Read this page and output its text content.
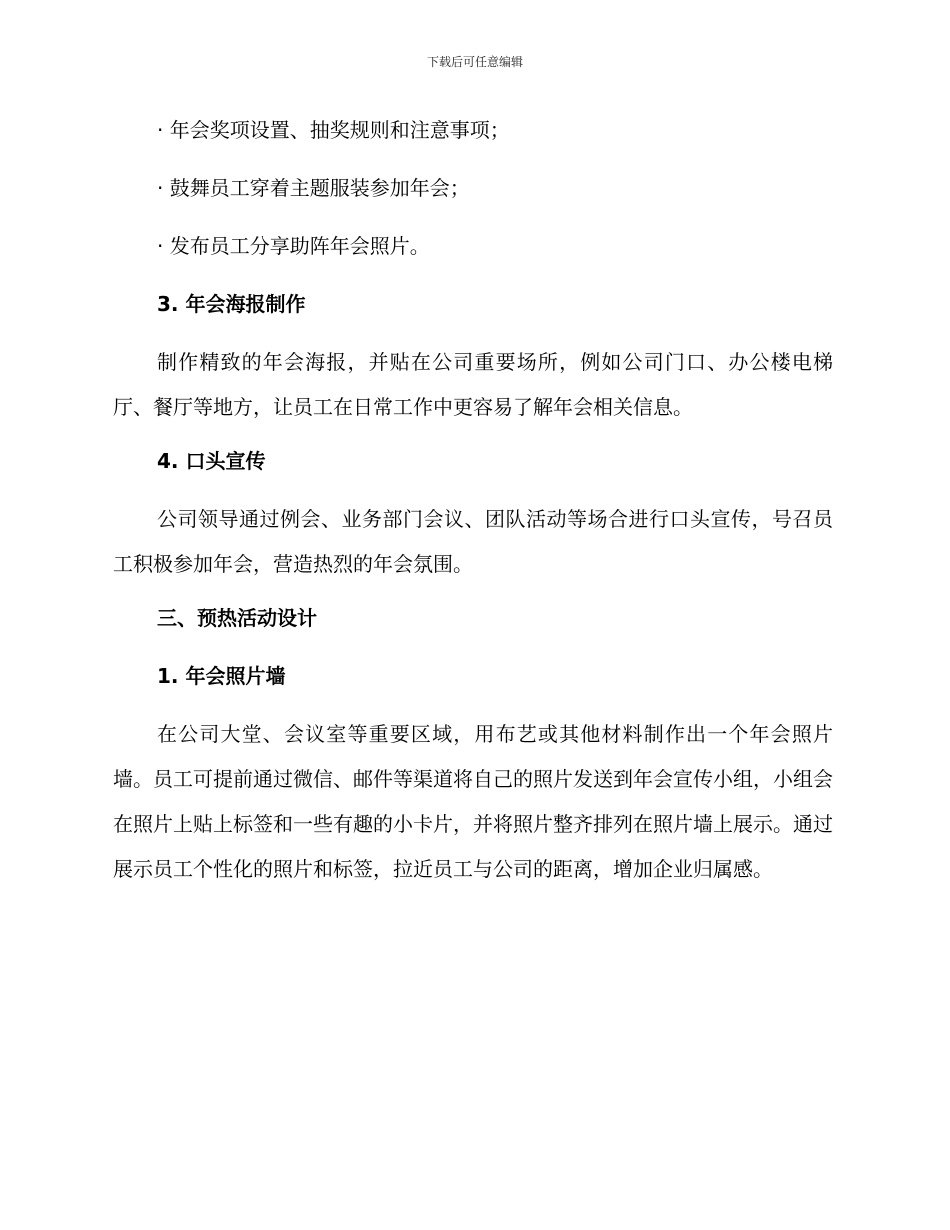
下载后可任意编辑

· 年会奖项设置、抽奖规则和注意事项；

· 鼓舞员工穿着主题服装参加年会；

· 发布员工分享助阵年会照片。

3. 年会海报制作

制作精致的年会海报，并贴在公司重要场所，例如公司门口、办公楼电梯厅、餐厅等地方，让员工在日常工作中更容易了解年会相关信息。

4. 口头宣传

公司领导通过例会、业务部门会议、团队活动等场合进行口头宣传，号召员工积极参加年会，营造热烈的年会氛围。

三、预热活动设计

1. 年会照片墙

在公司大堂、会议室等重要区域，用布艺或其他材料制作出一个年会照片墙。员工可提前通过微信、邮件等渠道将自己的照片发送到年会宣传小组，小组会在照片上贴上标签和一些有趣的小卡片，并将照片整齐排列在照片墙上展示。通过展示员工个性化的照片和标签，拉近员工与公司的距离，增加企业归属感。
